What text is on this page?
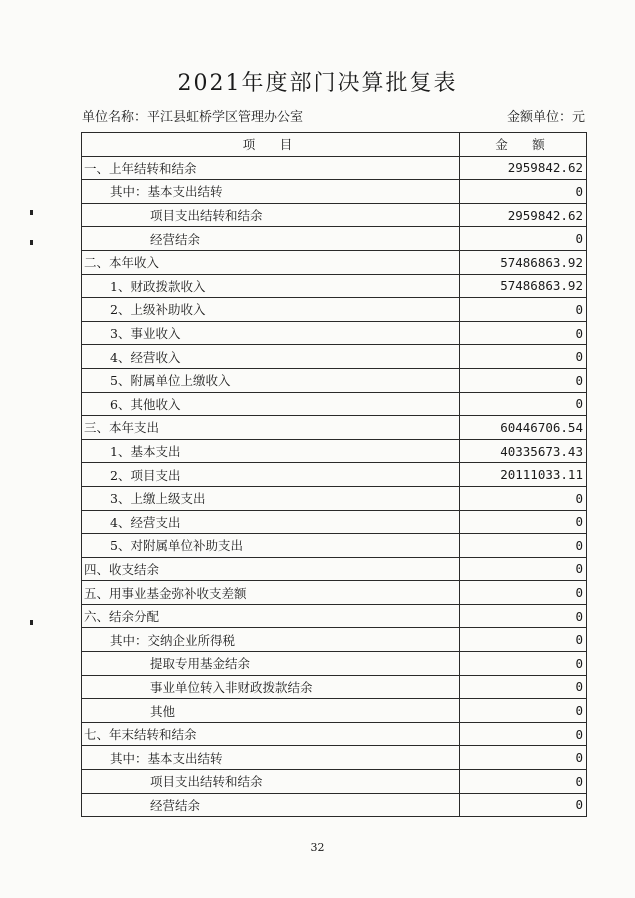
2021年度部门决算批复表
单位名称：平江县虹桥学区管理办公室	金额单位：元
项　目	金　额
一、上年结转和结余	2959842.62
其中：基本支出结转	0
项目支出结转和结余	2959842.62
经营结余	0
二、本年收入	57486863.92
1、财政拨款收入	57486863.92
2、上级补助收入	0
3、事业收入	0
4、经营收入	0
5、附属单位上缴收入	0
6、其他收入	0
三、本年支出	60446706.54
1、基本支出	40335673.43
2、项目支出	20111033.11
3、上缴上级支出	0
4、经营支出	0
5、对附属单位补助支出	0
四、收支结余	0
五、用事业基金弥补收支差额	0
六、结余分配	0
其中：交纳企业所得税	0
提取专用基金结余	0
事业单位转入非财政拨款结余	0
其他	0
七、年末结转和结余	0
其中：基本支出结转	0
项目支出结转和结余	0
经营结余	0
32
